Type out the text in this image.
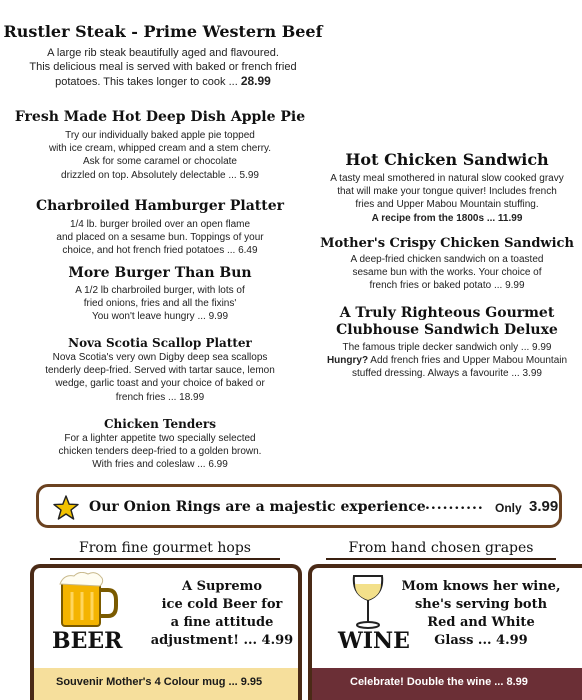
Rustler Steak - Prime Western Beef
A large rib steak beautifully aged and flavoured.
This delicious meal is served with baked or french fried
potatoes. This takes longer to cook ... 28.99
Fresh Made Hot Deep Dish Apple Pie
Try our individually baked apple pie topped
with ice cream, whipped cream and a stem cherry.
Ask for some caramel or chocolate
drizzled on top. Absolutely delectable ... 5.99
Charbroiled Hamburger Platter
1/4 lb. burger broiled over an open flame
and placed on a sesame bun. Toppings of your
choice, and hot french fried potatoes ... 6.49
More Burger Than Bun
A 1/2 lb charbroiled burger, with lots of
fried onions, fries and all the fixins'
You won't leave hungry ... 9.99
Nova Scotia Scallop Platter
Nova Scotia's very own Digby deep sea scallops
tenderly deep-fried. Served with tartar sauce, lemon
wedge, garlic toast and your choice of baked or
french fries ... 18.99
Chicken Tenders
For a lighter appetite two specially selected
chicken tenders deep-fried to a golden brown.
With fries and coleslaw ... 6.99
Hot Chicken Sandwich
A tasty meal smothered in natural slow cooked gravy
that will make your tongue quiver! Includes french
fries and Upper Mabou Mountain stuffing.
A recipe from the 1800s ... 11.99
Mother's Crispy Chicken Sandwich
A deep-fried chicken sandwich on a toasted
sesame bun with the works. Your choice of
french fries or baked potato ... 9.99
A Truly Righteous Gourmet
Clubhouse Sandwich Deluxe
The famous triple decker sandwich only ... 9.99
Hungry? Add french fries and Upper Mabou Mountain
stuffed dressing. Always a favourite ... 3.99
Our Onion Rings are a majestic experience .......... Only 3.99
From fine gourmet hops
BEER
A Supremo
ice cold Beer for
a fine attitude
adjustment! ... 4.99
Souvenir Mother's 4 Colour mug ... 9.95
From hand chosen grapes
WINE
Mom knows her wine,
she's serving both
Red and White
Glass ... 4.99
Celebrate! Double the wine ... 8.99
